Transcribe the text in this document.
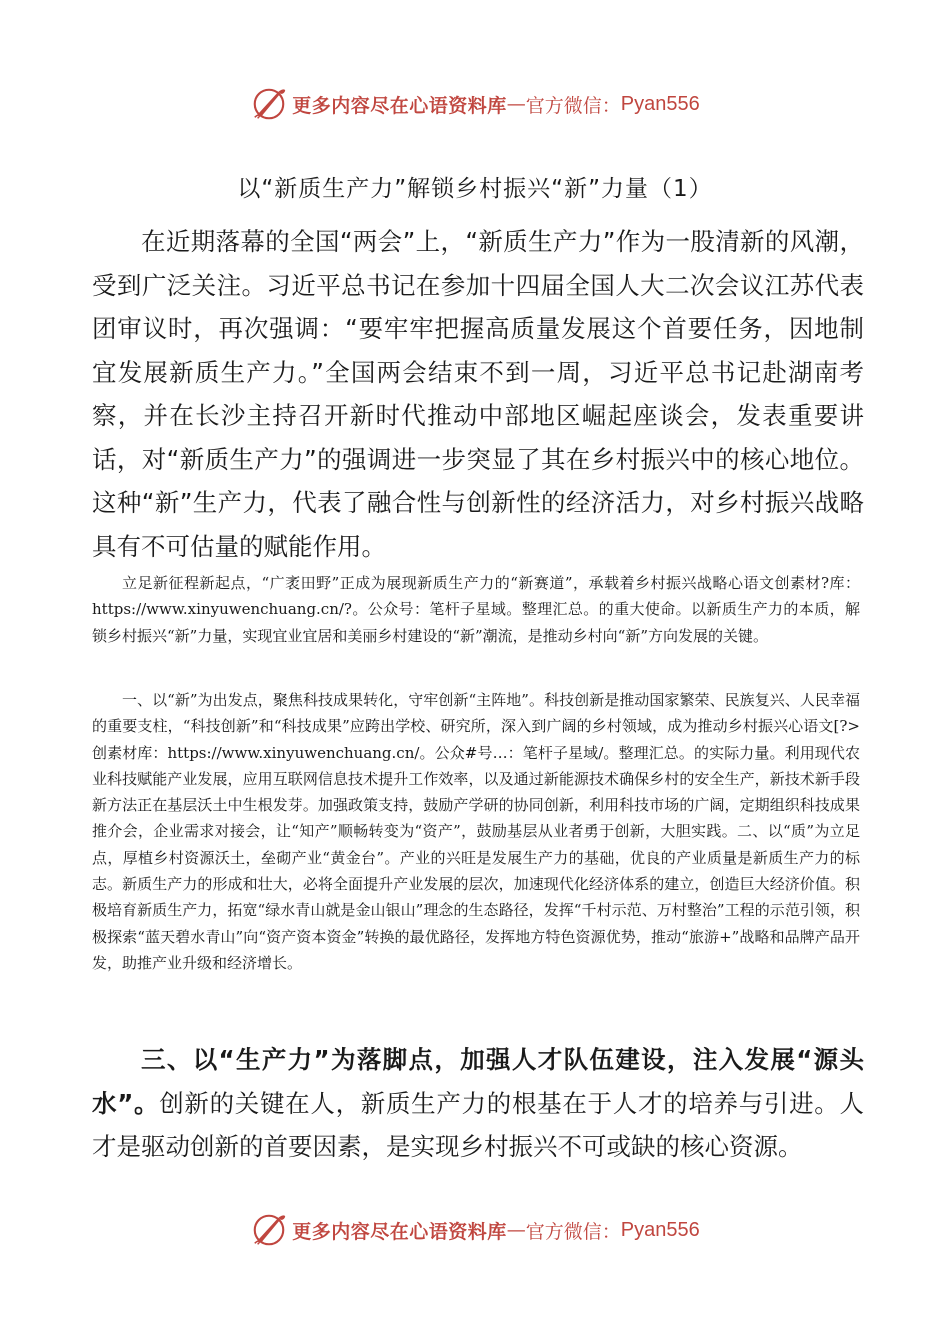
更多内容尽在心语资料库 — 官方微信： Pyan556
以“新质生产力”解锁乡村振兴“新”力量（1）

在近期落幕的全国“两会”上，“新质生产力”作为一股清新的风潮，受到广泛关注。习近平总书记在参加十四届全国人大二次会议江苏代表团审议时，再次强调：“要牢牢把握高质量发展这个首要任务，因地制宜发展新质生产力。”全国两会结束不到一周，习近平总书记赴湖南考察，并在长沙主持召开新时代推动中部地区崛起座谈会，发表重要讲话，对“新质生产力”的强调进一步突显了其在乡村振兴中的核心地位。这种“新”生产力，代表了融合性与创新性的经济活力，对乡村振兴战略具有不可估量的赋能作用。

立足新征程新起点，“广袤田野”正成为展现新质生产力的“新赛道”，承载着乡村振兴战略心语文创素材?库：https://www.xinyuwenchuang.cn/?。公众号：笔杆子星域。整理汇总。的重大使命。以新质生产力的本质，解锁乡村振兴“新”力量，实现宜业宜居和美丽乡村建设的“新”潮流，是推动乡村向“新”方向发展的关键。

一、以“新”为出发点，聚焦科技成果转化，守牢创新“主阵地”。科技创新是推动国家繁荣、民族复兴、人民幸福的重要支柱，“科技创新”和“科技成果”应跨出学校、研究所，深入到广阔的乡村领域，成为推动乡村振兴心语文[?>创素材库：https://www.xinyuwenchuang.cn/。公众#号…：笔杆子星域/。整理汇总。的实际力量。利用现代农业科技赋能产业发展，应用互联网信息技术提升工作效率，以及通过新能源技术确保乡村的安全生产，新技术新手段新方法正在基层沃土中生根发芽。加强政策支持，鼓励产学研的协同创新，利用科技市场的广阔，定期组织科技成果推介会，企业需求对接会，让“知产”顺畅转变为“资产”，鼓励基层从业者勇于创新，大胆实践。二、以“质”为立足点，厚植乡村资源沃土，垒砌产业“黄金台”。产业的兴旺是发展生产力的基础，优良的产业质量是新质生产力的标志。新质生产力的形成和壮大，必将全面提升产业发展的层次，加速现代化经济体系的建立，创造巨大经济价值。积极培育新质生产力，拓宽“绿水青山就是金山银山”理念的生态路径，发挥“千村示范、万村整治”工程的示范引领，积极探索“蓝天碧水青山”向“资产资本资金”转换的最优路径，发挥地方特色资源优势，推动“旅游+”战略和品牌产品开发，助推产业升级和经济增长。

三、以“生产力”为落脚点，加强人才队伍建设，注入发展“源头水”。创新的关键在人，新质生产力的根基在于人才的培养与引进。人才是驱动创新的首要因素，是实现乡村振兴不可或缺的核心资源。

更多内容尽在心语资料库 — 官方微信： Pyan556
